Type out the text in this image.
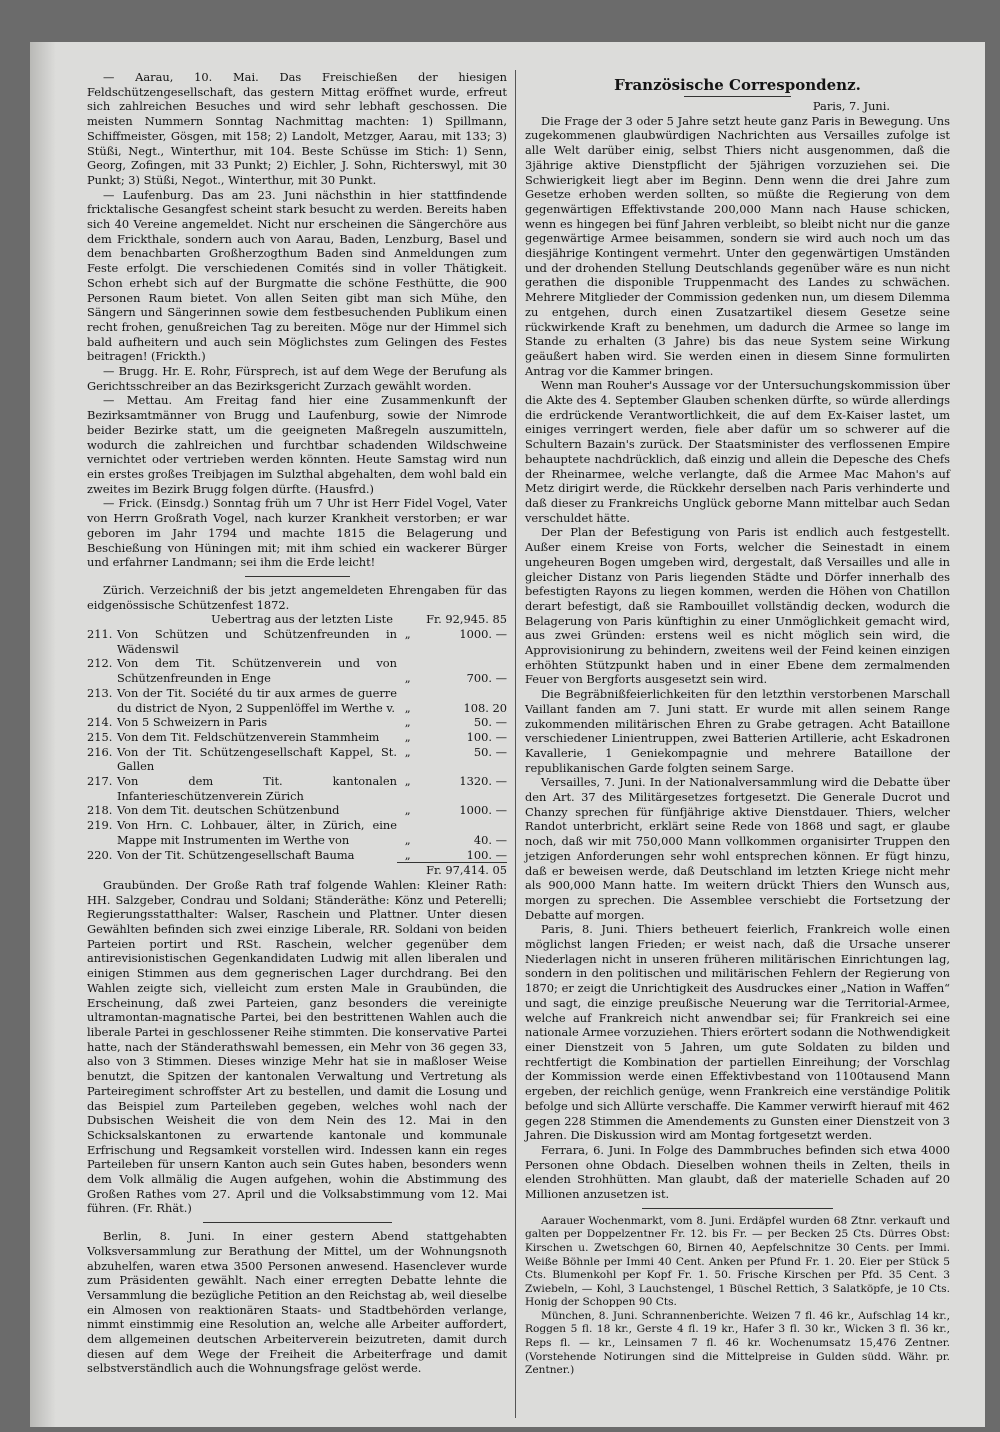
— Aarau, 10. Mai. Das Freischießen der hiesigen Feldschützengesellschaft, das gestern Mittag eröffnet wurde, erfreut sich zahlreichen Besuches und wird sehr lebhaft geschossen. Die meisten Nummern Sonntag Nachmittag machten: 1) Spillmann, Schiffmeister, Gösgen, mit 158; 2) Landolt, Metzger, Aarau, mit 133; 3) Stüßi, Negt., Winterthur, mit 104. Beste Schüsse im Stich: 1) Senn, Georg, Zofingen, mit 33 Punkt; 2) Eichler, J. Sohn, Richterswyl, mit 30 Punkt; 3) Stüßi, Negot., Winterthur, mit 30 Punkt.

— Laufenburg. Das am 23. Juni nächsthin in hier stattfindende fricktalische Gesangfest scheint stark besucht zu werden. Bereits haben sich 40 Vereine angemeldet. Nicht nur erscheinen die Sängerchöre aus dem Frickthale, sondern auch von Aarau, Baden, Lenzburg, Basel und dem benachbarten Großherzogthum Baden sind Anmeldungen zum Feste erfolgt. Die verschiedenen Comités sind in voller Thätigkeit. Schon erhebt sich auf der Burgmatte die schöne Festhütte, die 900 Personen Raum bietet. Von allen Seiten gibt man sich Mühe, den Sängern und Sängerinnen sowie dem festbesuchenden Publikum einen recht frohen, genußreichen Tag zu bereiten. Möge nur der Himmel sich bald aufheitern und auch sein Möglichstes zum Gelingen des Festes beitragen! (Frickth.)

— Brugg. Hr. E. Rohr, Fürsprech, ist auf dem Wege der Berufung als Gerichtsschreiber an das Bezirksgericht Zurzach gewählt worden.

— Mettau. Am Freitag fand hier eine Zusammenkunft der Bezirksamtmänner von Brugg und Laufenburg, sowie der Nimrode beider Bezirke statt, um die geeigneten Maßregeln auszumitteln, wodurch die zahlreichen und furchtbar schadenden Wildschweine vernichtet oder vertrieben werden könnten. Heute Samstag wird nun ein erstes großes Treibjagen im Sulzthal abgehalten, dem wohl bald ein zweites im Bezirk Brugg folgen dürfte. (Hausfrd.)

— Frick. (Einsdg.) Sonntag früh um 7 Uhr ist Herr Fidel Vogel, Vater von Herrn Großrath Vogel, nach kurzer Krankheit verstorben; er war geboren im Jahr 1794 und machte 1815 die Belagerung und Beschießung von Hüningen mit; mit ihm schied ein wackerer Bürger und erfahrner Landmann; sei ihm die Erde leicht!

Zürich. Verzeichniß der bis jetzt angemeldeten Ehrengaben für das eidgenössische Schützenfest 1872.

Uebertrag aus der letzten Liste		Fr. 92,945. 85	
211.	Von Schützen und Schützenfreunden in Wädenswil	„	1000. —
212.	Von dem Tit. Schützenverein und von Schützenfreunden in Enge	„	700. —
213.	Von der Tit. Société du tir aux armes de guerre du district de Nyon, 2 Suppenlöffel im Werthe v.	„	108. 20
214.	Von 5 Schweizern in Paris	„	50. —
215.	Von dem Tit. Feldschützenverein Stammheim	„	100. —
216.	Von der Tit. Schützengesellschaft Kappel, St. Gallen	„	50. —
217.	Von dem Tit. kantonalen Infanterieschützenverein Zürich	„	1320. —
218.	Von dem Tit. deutschen Schützenbund	„	1000. —
219.	Von Hrn. C. Lohbauer, älter, in Zürich, eine Mappe mit Instrumenten im Werthe von	„	40. —
220.	Von der Tit. Schützengesellschaft Bauma	„	100. —
		Fr. 97,414. 05	

Graubünden. Der Große Rath traf folgende Wahlen: Kleiner Rath: HH. Salzgeber, Condrau und Soldani; Ständeräthe: Könz und Peterelli; Regierungsstatthalter: Walser, Raschein und Plattner. Unter diesen Gewählten befinden sich zwei einzige Liberale, RR. Soldani von beiden Parteien portirt und RSt. Raschein, welcher gegenüber dem antirevisionistischen Gegenkandidaten Ludwig mit allen liberalen und einigen Stimmen aus dem gegnerischen Lager durchdrang. Bei den Wahlen zeigte sich, vielleicht zum ersten Male in Graubünden, die Erscheinung, daß zwei Parteien, ganz besonders die vereinigte ultramontan-magnatische Partei, bei den bestrittenen Wahlen auch die liberale Partei in geschlossener Reihe stimmten. Die konservative Partei hatte, nach der Ständerathswahl bemessen, ein Mehr von 36 gegen 33, also von 3 Stimmen. Dieses winzige Mehr hat sie in maßloser Weise benutzt, die Spitzen der kantonalen Verwaltung und Vertretung als Parteiregiment schroffster Art zu bestellen, und damit die Losung und das Beispiel zum Parteileben gegeben, welches wohl nach der Dubsischen Weisheit die von dem Nein des 12. Mai in den Schicksalskantonen zu erwartende kantonale und kommunale Erfrischung und Regsamkeit vorstellen wird. Indessen kann ein reges Parteileben für unsern Kanton auch sein Gutes haben, besonders wenn dem Volk allmälig die Augen aufgehen, wohin die Abstimmung des Großen Rathes vom 27. April und die Volksabstimmung vom 12. Mai führen. (Fr. Rhät.)

Berlin, 8. Juni. In einer gestern Abend stattgehabten Volksversammlung zur Berathung der Mittel, um der Wohnungsnoth abzuhelfen, waren etwa 3500 Personen anwesend. Hasenclever wurde zum Präsidenten gewählt. Nach einer erregten Debatte lehnte die Versammlung die bezügliche Petition an den Reichstag ab, weil dieselbe ein Almosen von reaktionären Staats- und Stadtbehörden verlange, nimmt einstimmig eine Resolution an, welche alle Arbeiter auffordert, dem allgemeinen deutschen Arbeiterverein beizutreten, damit durch diesen auf dem Wege der Freiheit die Arbeiterfrage und damit selbstverständlich auch die Wohnungsfrage gelöst werde.

Französische Correspondenz.
Paris, 7. Juni.

Die Frage der 3 oder 5 Jahre setzt heute ganz Paris in Bewegung. Uns zugekommenen glaubwürdigen Nachrichten aus Versailles zufolge ist alle Welt darüber einig, selbst Thiers nicht ausgenommen, daß die 3jährige aktive Dienstpflicht der 5jährigen vorzuziehen sei. Die Schwierigkeit liegt aber im Beginn. Denn wenn die drei Jahre zum Gesetze erhoben werden sollten, so müßte die Regierung von dem gegenwärtigen Effektivstande 200,000 Mann nach Hause schicken, wenn es hingegen bei fünf Jahren verbleibt, so bleibt nicht nur die ganze gegenwärtige Armee beisammen, sondern sie wird auch noch um das diesjährige Kontingent vermehrt. Unter den gegenwärtigen Umständen und der drohenden Stellung Deutschlands gegenüber wäre es nun nicht gerathen die disponible Truppenmacht des Landes zu schwächen. Mehrere Mitglieder der Commission gedenken nun, um diesem Dilemma zu entgehen, durch einen Zusatzartikel diesem Gesetze seine rückwirkende Kraft zu benehmen, um dadurch die Armee so lange im Stande zu erhalten (3 Jahre) bis das neue System seine Wirkung geäußert haben wird. Sie werden einen in diesem Sinne formulirten Antrag vor die Kammer bringen.

Wenn man Rouher's Aussage vor der Untersuchungskommission über die Akte des 4. September Glauben schenken dürfte, so würde allerdings die erdrückende Verantwortlichkeit, die auf dem Ex-Kaiser lastet, um einiges verringert werden, fiele aber dafür um so schwerer auf die Schultern Bazain's zurück. Der Staatsminister des verflossenen Empire behauptete nachdrücklich, daß einzig und allein die Depesche des Chefs der Rheinarmee, welche verlangte, daß die Armee Mac Mahon's auf Metz dirigirt werde, die Rückkehr derselben nach Paris verhinderte und daß dieser zu Frankreichs Unglück geborne Mann mittelbar auch Sedan verschuldet hätte.

Der Plan der Befestigung von Paris ist endlich auch festgestellt. Außer einem Kreise von Forts, welcher die Seinestadt in einem ungeheuren Bogen umgeben wird, dergestalt, daß Versailles und alle in gleicher Distanz von Paris liegenden Städte und Dörfer innerhalb des befestigten Rayons zu liegen kommen, werden die Höhen von Chatillon derart befestigt, daß sie Rambouillet vollständig decken, wodurch die Belagerung von Paris künftighin zu einer Unmöglichkeit gemacht wird, aus zwei Gründen: erstens weil es nicht möglich sein wird, die Approvisionirung zu behindern, zweitens weil der Feind keinen einzigen erhöhten Stützpunkt haben und in einer Ebene dem zermalmenden Feuer von Bergforts ausgesetzt sein wird.

Die Begräbnißfeierlichkeiten für den letzthin verstorbenen Marschall Vaillant fanden am 7. Juni statt. Er wurde mit allen seinem Range zukommenden militärischen Ehren zu Grabe getragen. Acht Bataillone verschiedener Linientruppen, zwei Batterien Artillerie, acht Eskadronen Kavallerie, 1 Geniekompagnie und mehrere Bataillone der republikanischen Garde folgten seinem Sarge.

Versailles, 7. Juni. In der Nationalversammlung wird die Debatte über den Art. 37 des Militärgesetzes fortgesetzt. Die Generale Ducrot und Chanzy sprechen für fünfjährige aktive Dienstdauer. Thiers, welcher Randot unterbricht, erklärt seine Rede von 1868 und sagt, er glaube noch, daß wir mit 750,000 Mann vollkommen organisirter Truppen den jetzigen Anforderungen sehr wohl entsprechen können. Er fügt hinzu, daß er beweisen werde, daß Deutschland im letzten Kriege nicht mehr als 900,000 Mann hatte. Im weitern drückt Thiers den Wunsch aus, morgen zu sprechen. Die Assemblee verschiebt die Fortsetzung der Debatte auf morgen.

Paris, 8. Juni. Thiers betheuert feierlich, Frankreich wolle einen möglichst langen Frieden; er weist nach, daß die Ursache unserer Niederlagen nicht in unseren früheren militärischen Einrichtungen lag, sondern in den politischen und militärischen Fehlern der Regierung von 1870; er zeigt die Unrichtigkeit des Ausdruckes einer „Nation in Waffen“ und sagt, die einzige preußische Neuerung war die Territorial-Armee, welche auf Frankreich nicht anwendbar sei; für Frankreich sei eine nationale Armee vorzuziehen. Thiers erörtert sodann die Nothwendigkeit einer Dienstzeit von 5 Jahren, um gute Soldaten zu bilden und rechtfertigt die Kombination der partiellen Einreihung; der Vorschlag der Kommission werde einen Effektivbestand von 1100tausend Mann ergeben, der reichlich genüge, wenn Frankreich eine verständige Politik befolge und sich Allürte verschaffe. Die Kammer verwirft hierauf mit 462 gegen 228 Stimmen die Amendements zu Gunsten einer Dienstzeit von 3 Jahren. Die Diskussion wird am Montag fortgesetzt werden.

Ferrara, 6. Juni. In Folge des Dammbruches befinden sich etwa 4000 Personen ohne Obdach. Dieselben wohnen theils in Zelten, theils in elenden Strohhütten. Man glaubt, daß der materielle Schaden auf 20 Millionen anzusetzen ist.

Aarauer Wochenmarkt, vom 8. Juni. Erdäpfel wurden 68 Ztnr. verkauft und galten per Doppelzentner Fr. 12. bis Fr. — per Becken 25 Cts. Dürres Obst: Kirschen u. Zwetschgen 60, Birnen 40, Aepfelschnitze 30 Cents. per Immi. Weiße Böhnle per Immi 40 Cent. Anken per Pfund Fr. 1. 20. Eier per Stück 5 Cts. Blumenkohl per Kopf Fr. 1. 50. Frische Kirschen per Pfd. 35 Cent. 3 Zwiebeln, — Kohl, 3 Lauchstengel, 1 Büschel Rettich, 3 Salatköpfe, je 10 Cts. Honig der Schoppen 90 Cts.

München, 8. Juni. Schrannenberichte. Weizen 7 fl. 46 kr., Aufschlag 14 kr., Roggen 5 fl. 18 kr., Gerste 4 fl. 19 kr., Hafer 3 fl. 30 kr., Wicken 3 fl. 36 kr., Reps fl. — kr., Leinsamen 7 fl. 46 kr. Wochenumsatz 15,476 Zentner. (Vorstehende Notirungen sind die Mittelpreise in Gulden südd. Währ. pr. Zentner.)
